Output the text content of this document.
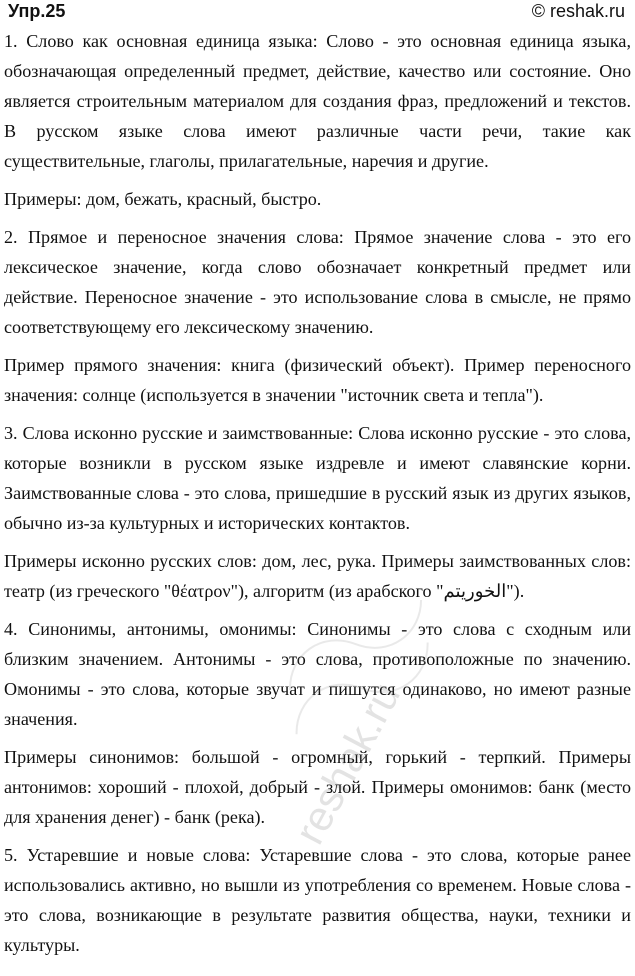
Упр.25	© reshak.ru

1. Слово как основная единица языка: Слово - это основная единица языка, обозначающая определенный предмет, действие, качество или состояние. Оно является строительным материалом для создания фраз, предложений и текстов. В русском языке слова имеют различные части речи, такие как существительные, глаголы, прилагательные, наречия и другие.

Примеры: дом, бежать, красный, быстро.

2. Прямое и переносное значения слова: Прямое значение слова - это его лексическое значение, когда слово обозначает конкретный предмет или действие. Переносное значение - это использование слова в смысле, не прямо соответствующему его лексическому значению.

Пример прямого значения: книга (физический объект). Пример переносного значения: солнце (используется в значении "источник света и тепла").

3. Слова исконно русские и заимствованные: Слова исконно русские - это слова, которые возникли в русском языке издревле и имеют славянские корни. Заимствованные слова - это слова, пришедшие в русский язык из других языков, обычно из-за культурных и исторических контактов.

Примеры исконно русских слов: дом, лес, рука. Примеры заимствованных слов: театр (из греческого "θέατρον"), алгоритм (из арабского "الخوريتم").

4. Синонимы, антонимы, омонимы: Синонимы - это слова с сходным или близким значением. Антонимы - это слова, противоположные по значению. Омонимы - это слова, которые звучат и пишутся одинаково, но имеют разные значения.

Примеры синонимов: большой - огромный, горький - терпкий. Примеры антонимов: хороший - плохой, добрый - злой. Примеры омонимов: банк (место для хранения денег) - банк (река).

5. Устаревшие и новые слова: Устаревшие слова - это слова, которые ранее использовались активно, но вышли из употребления со временем. Новые слова - это слова, возникающие в результате развития общества, науки, техники и культуры.

reshak.ru
